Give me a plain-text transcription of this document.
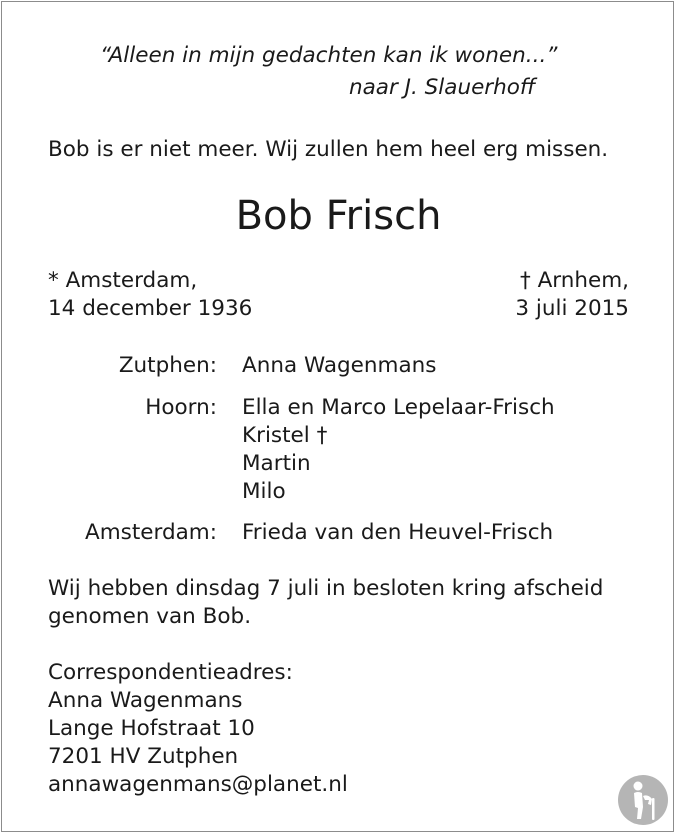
“Alleen in mijn gedachten kan ik wonen...”
naar J. Slauerhoff
Bob is er niet meer. Wij zullen hem heel erg missen.
Bob Frisch
* Amsterdam,
14 december 1936
† Arnhem,
3 juli 2015
Zutphen: Anna Wagenmans
Hoorn: Ella en Marco Lepelaar-Frisch
Kristel †
Martin
Milo
Amsterdam: Frieda van den Heuvel-Frisch
Wij hebben dinsdag 7 juli in besloten kring afscheid
genomen van Bob.
Correspondentieadres:
Anna Wagenmans
Lange Hofstraat 10
7201 HV Zutphen
annawagenmans@planet.nl
